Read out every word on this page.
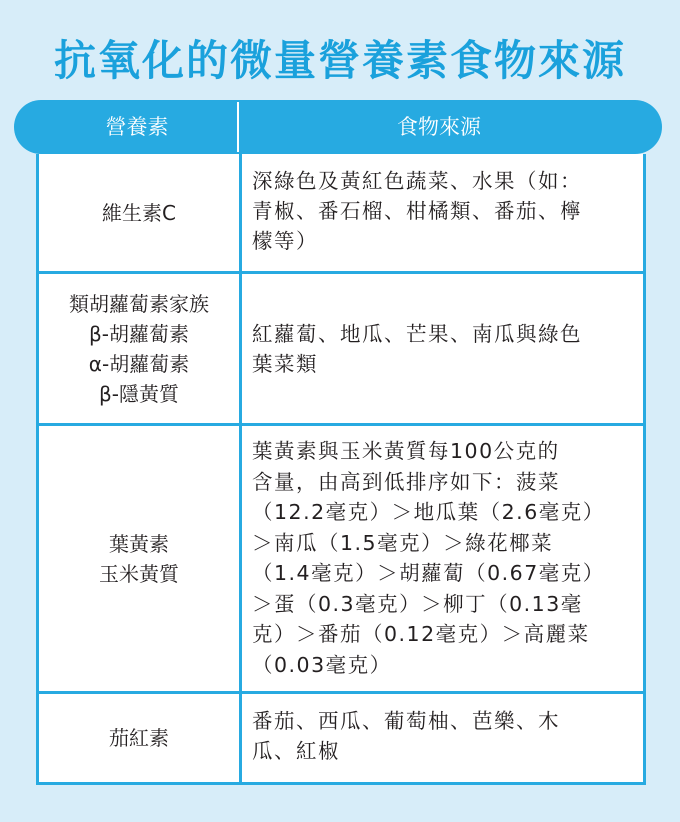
抗氧化的微量營養素食物來源
營養素	食物來源
維生素C
深綠色及黃紅色蔬菜、水果（如：
青椒、番石榴、柑橘類、番茄、檸
檬等）
類胡蘿蔔素家族
β-胡蘿蔔素
α-胡蘿蔔素
β-隱黃質
紅蘿蔔、地瓜、芒果、南瓜與綠色
葉菜類
葉黃素
玉米黃質
葉黃素與玉米黃質每100公克的
含量，由高到低排序如下：菠菜
（12.2毫克）＞地瓜葉（2.6毫克）
＞南瓜（1.5毫克）＞綠花椰菜
（1.4毫克）＞胡蘿蔔（0.67毫克）
＞蛋（0.3毫克）＞柳丁（0.13毫
克）＞番茄（0.12毫克）＞高麗菜
（0.03毫克）
茄紅素
番茄、西瓜、葡萄柚、芭樂、木
瓜、紅椒
